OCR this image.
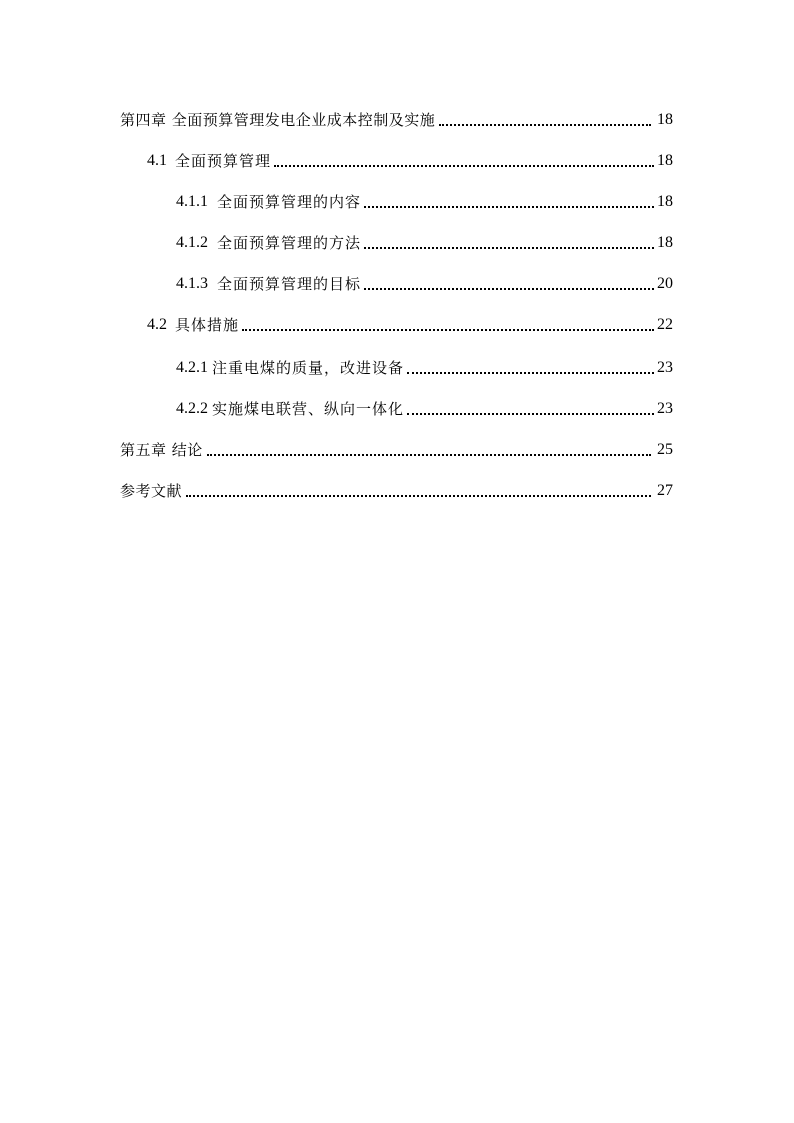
第四章 全面预算管理发电企业成本控制及实施	18
4.1 全面预算管理	18
4.1.1 全面预算管理的内容	18
4.1.2 全面预算管理的方法	18
4.1.3 全面预算管理的目标	20
4.2 具体措施	22
4.2.1 注重电煤的质量，改进设备	23
4.2.2 实施煤电联营、纵向一体化	23
第五章 结论	25
参考文献	27
